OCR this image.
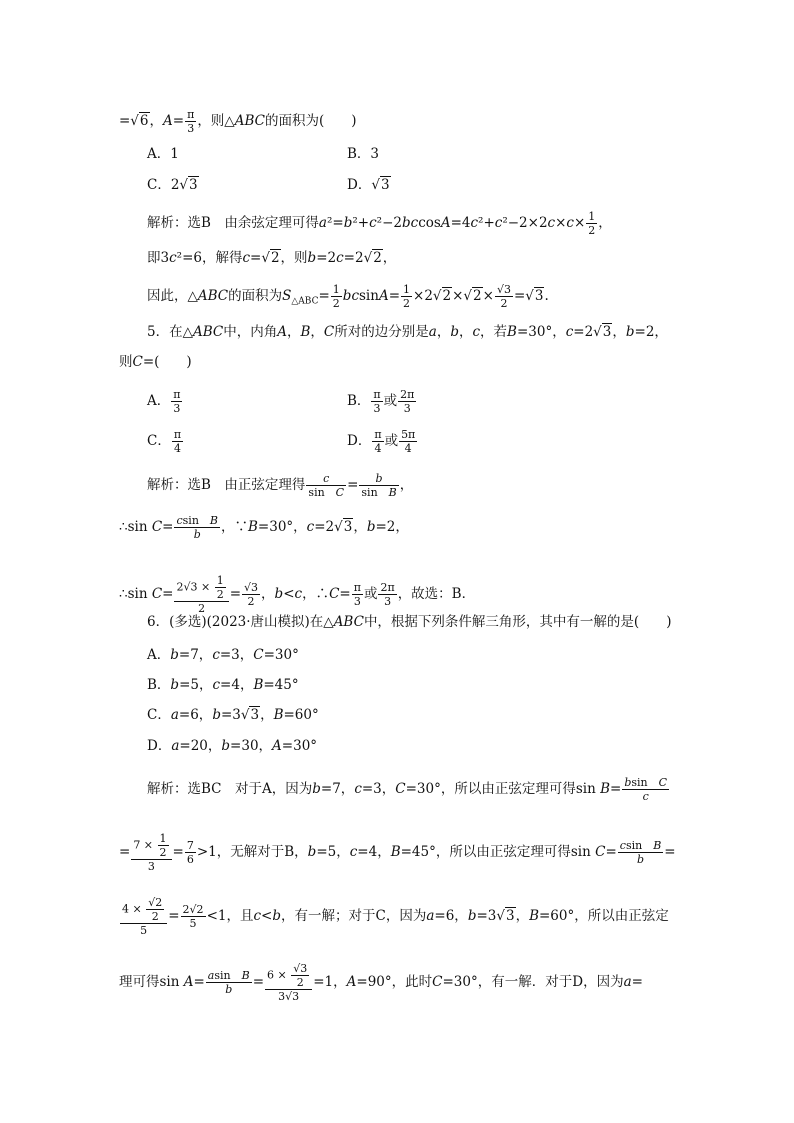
=√6，$A= \frac{\pi}{3}$ ，则△ABC的面积为(　　)
A．1	B．3
C．2√3	D．√3
解析：选B　由余弦定理可得$a^2=b^2+c^2-2bccosA=4c^2+c^2-2\times 2c\times c\times \frac{1}{2}$ ，
即3c²=6，解得c=√2，则b=2c=2√2，
因此，△ABC的面积为$S_{\triangle ABC}= \frac{1}{2} bcsinA= \frac{1}{2} \times 2√2\times√2\times \frac{√3}{2} =√3$.
5．在△ABC中，内角A，B，C所对的边分别是a，b，c，若B=30°，c=2√3，b=2，
则C=(　　)
A． $\frac{\pi}{3}$	B． $\frac{\pi}{3}$ 或 $\frac{2\pi}{3}$
C． $\frac{\pi}{4}$	D． $\frac{\pi}{4}$ 或 $\frac{5\pi}{4}$
解析：选B　由正弦定理得 $\frac{c}{\text{sin　C}} = \frac{b}{\text{sin　B}}$ ，
∴sin $C= \frac{\text{csin　B}}{b}$ ，∵B=30°，c=2√3，b=2，
∴sin $C= \frac{2√3 \times \frac{1}{2}}{2} = \frac{√3}{2}$ ，b<c，∴C= $\frac{\pi}{3}$ 或 $\frac{2\pi}{3}$ ，故选：B．
6．(多选)(2023·唐山模拟)在△ABC中，根据下列条件解三角形，其中有一解的是(　　)
A．b=7，c=3，C=30°
B．b=5，c=4，B=45°
C．a=6，b=3√3，B=60°
D．a=20，b=30，A=30°
解析：选BC　对于A，因为b=7，c=3，C=30°，所以由正弦定理可得$\sin B= \frac{\text{bsin　C}}{c}$
= $\frac{7 \times \frac{1}{2}}{3} = \frac{7}{6} >1$，无解对于B，b=5，c=4，B=45°，所以由正弦定理可得$\sin C= \frac{\text{csin　B}}{b}$ =
$\frac{4 \times \frac{√2}{2}}{5} = \frac{2√2}{5} <1$，且c<b，有一解；对于C，因为a=6，b=3√3，B=60°，所以由正弦定
理可得$\sin A= \frac{\text{asin　B}}{b} = \frac{6 \times \frac{√3}{2}}{3√3} =1$，A=90°，此时C=30°，有一解．对于D，因为a=
